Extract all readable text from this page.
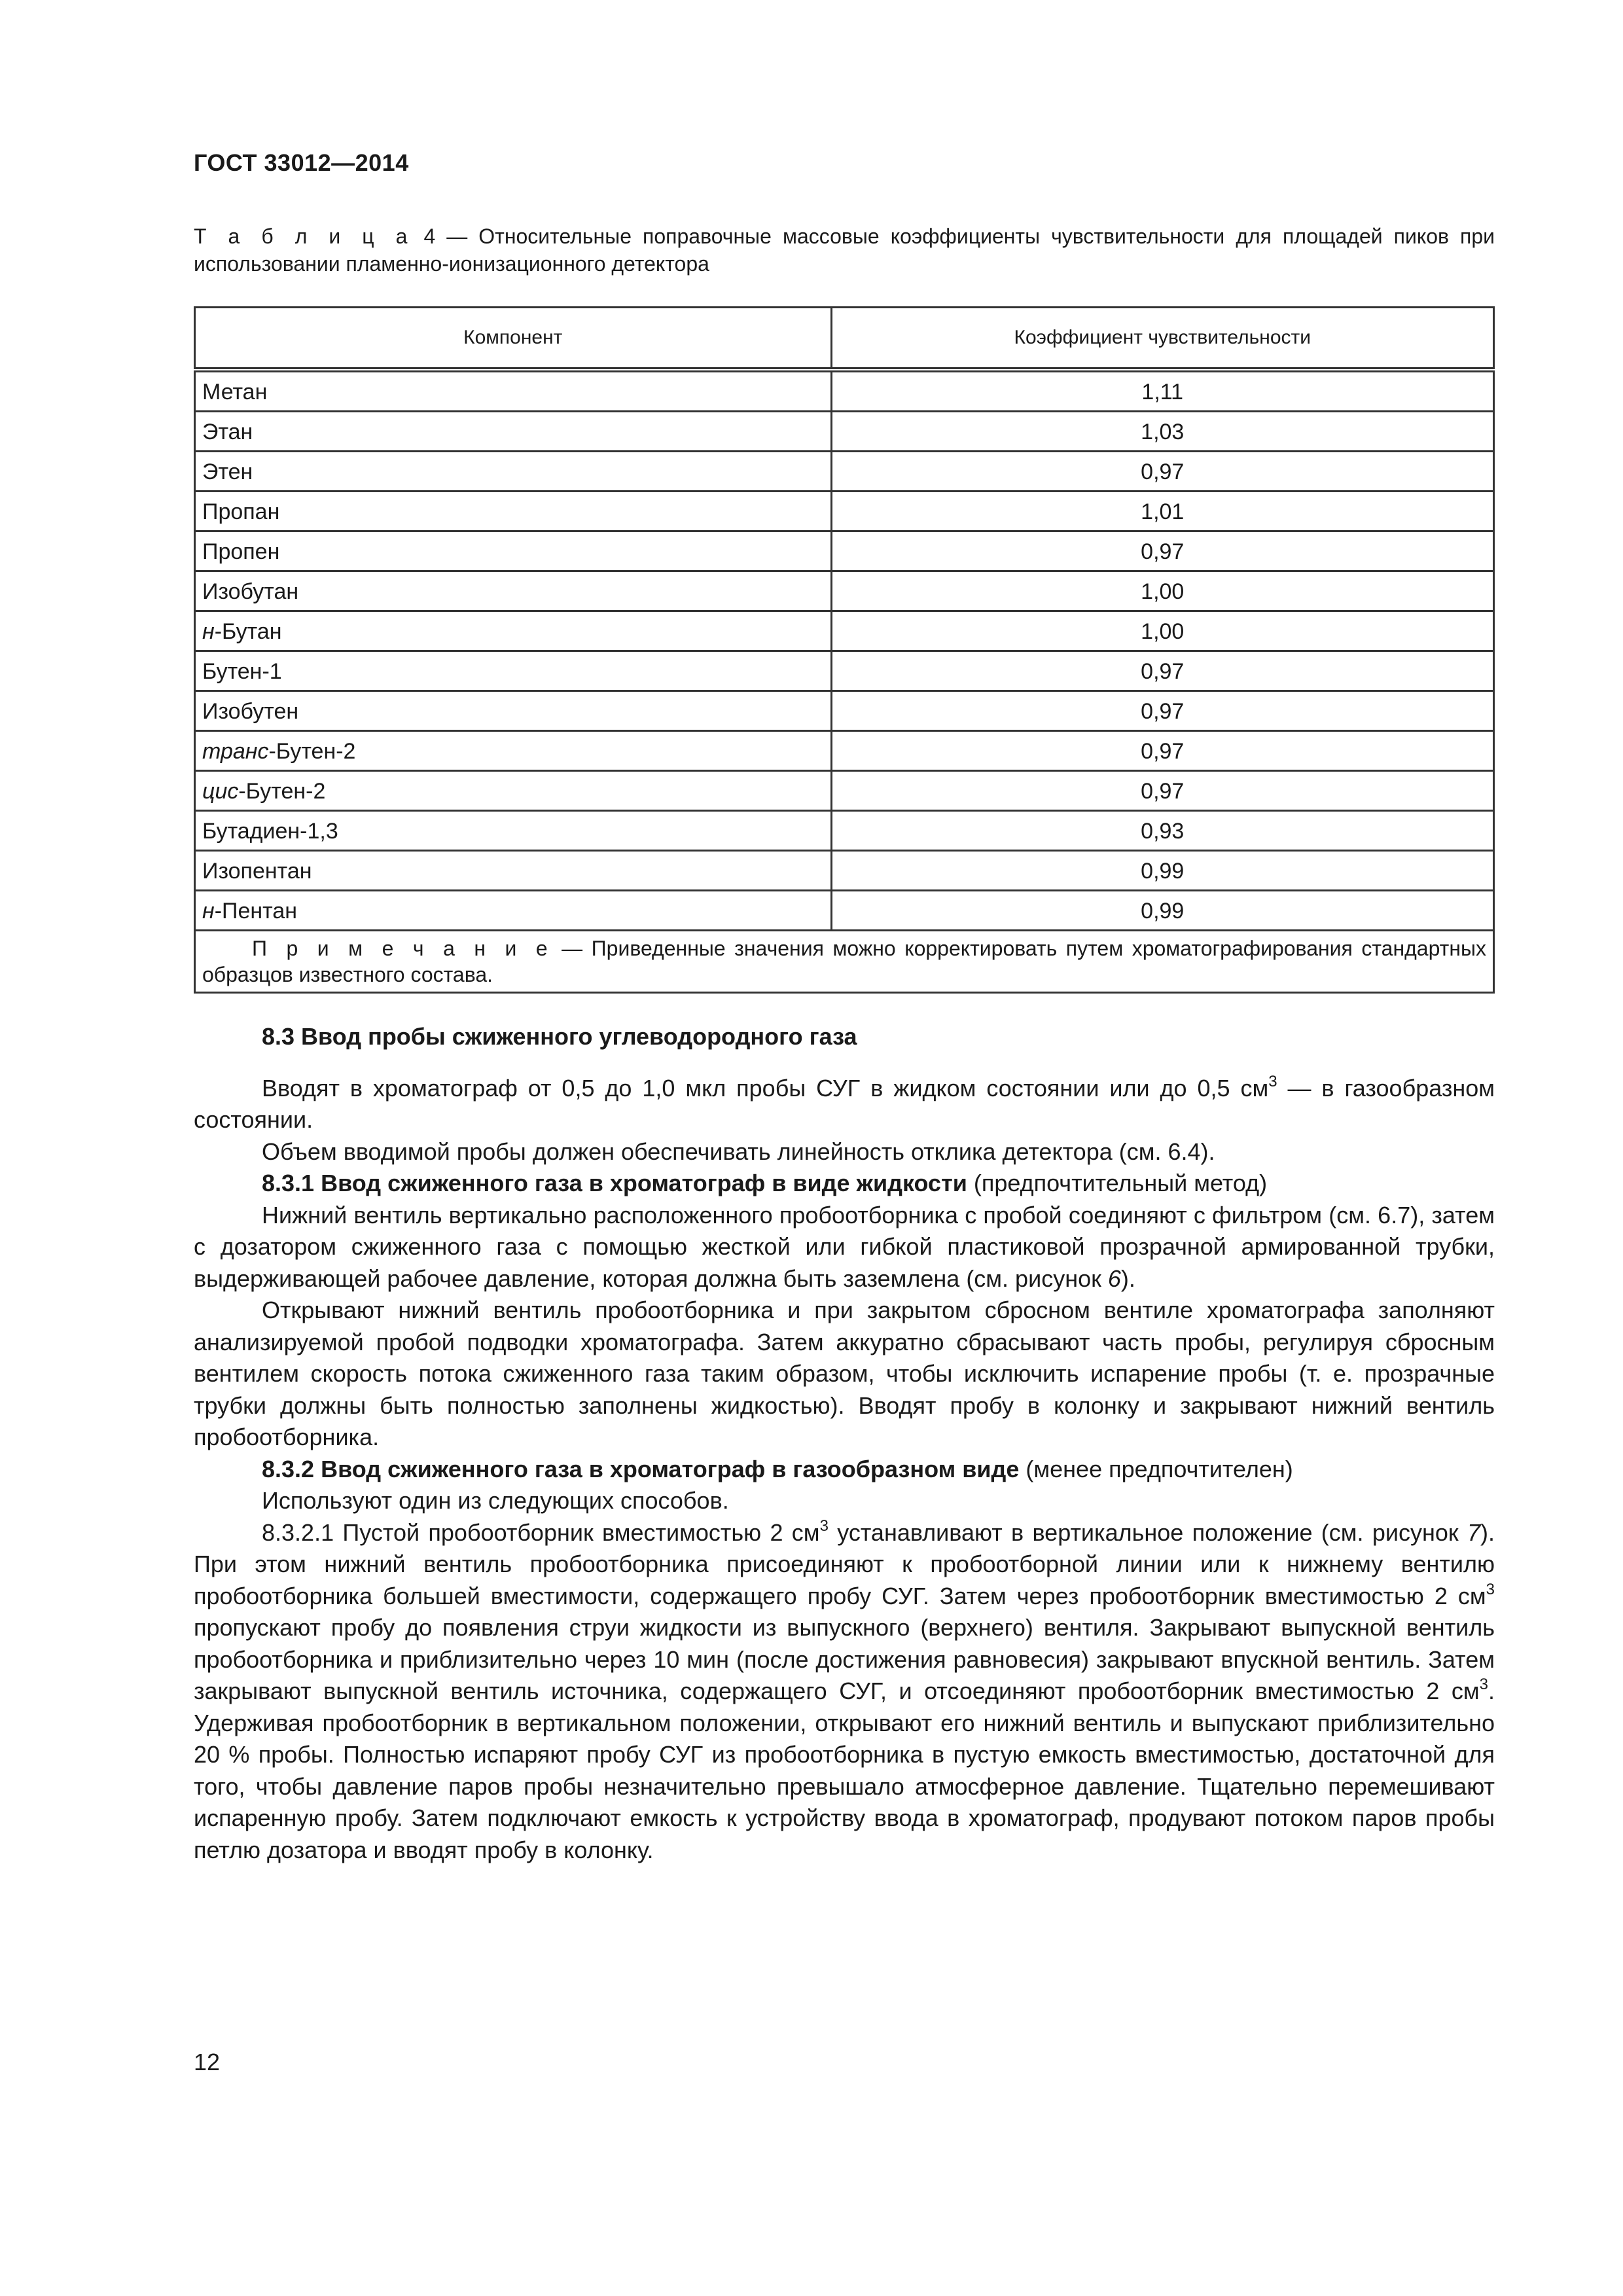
ГОСТ 33012—2014
Т а б л и ц а 4 — Относительные поправочные массовые коэффициенты чувствительности для площадей пиков при использовании пламенно-ионизационного детектора
Компонент	Коэффициент чувствительности
Метан	1,11
Этан	1,03
Этен	0,97
Пропан	1,01
Пропен	0,97
Изобутан	1,00
н-Бутан	1,00
Бутен-1	0,97
Изобутен	0,97
транс-Бутен-2	0,97
цис-Бутен-2	0,97
Бутадиен-1,3	0,93
Изопентан	0,99
н-Пентан	0,99
П р и м е ч а н и е — Приведенные значения можно корректировать путем хроматографирования стандартных образцов известного состава.	

8.3 Ввод пробы сжиженного углеводородного газа

Вводят в хроматограф от 0,5 до 1,0 мкл пробы СУГ в жидком состоянии или до 0,5 $см^3$ — в газообразном состоянии.

Объем вводимой пробы должен обеспечивать линейность отклика детектора (см. 6.4).

8.3.1 Ввод сжиженного газа в хроматограф в виде жидкости (предпочтительный метод)

Нижний вентиль вертикально расположенного пробоотборника с пробой соединяют с фильтром (см. 6.7), затем с дозатором сжиженного газа с помощью жесткой или гибкой пластиковой прозрачной армированной трубки, выдерживающей рабочее давление, которая должна быть заземлена (см. рисунок 6).

Открывают нижний вентиль пробоотборника и при закрытом сбросном вентиле хроматографа заполняют анализируемой пробой подводки хроматографа. Затем аккуратно сбрасывают часть пробы, регулируя сбросным вентилем скорость потока сжиженного газа таким образом, чтобы исключить испарение пробы (т. е. прозрачные трубки должны быть полностью заполнены жидкостью). Вводят пробу в колонку и закрывают нижний вентиль пробоотборника.

8.3.2 Ввод сжиженного газа в хроматограф в газообразном виде (менее предпочтителен)

Используют один из следующих способов.

8.3.2.1 Пустой пробоотборник вместимостью 2 $см^3$ устанавливают в вертикальное положение (см. рисунок 7). При этом нижний вентиль пробоотборника присоединяют к пробоотборной линии или к нижнему вентилю пробоотборника большей вместимости, содержащего пробу СУГ. Затем через пробоотборник вместимостью 2 $см^3$ пропускают пробу до появления струи жидкости из выпускного (верхнего) вентиля. Закрывают выпускной вентиль пробоотборника и приблизительно через 10 мин (после достижения равновесия) закрывают впускной вентиль. Затем закрывают выпускной вентиль источника, содержащего СУГ, и отсоединяют пробоотборник вместимостью 2 $см^3$. Удерживая пробоотборник в вертикальном положении, открывают его нижний вентиль и выпускают приблизительно 20 % пробы. Полностью испаряют пробу СУГ из пробоотборника в пустую емкость вместимостью, достаточной для того, чтобы давление паров пробы незначительно превышало атмосферное давление. Тщательно перемешивают испаренную пробу. Затем подключают емкость к устройству ввода в хроматограф, продувают потоком паров пробы петлю дозатора и вводят пробу в колонку.

12
